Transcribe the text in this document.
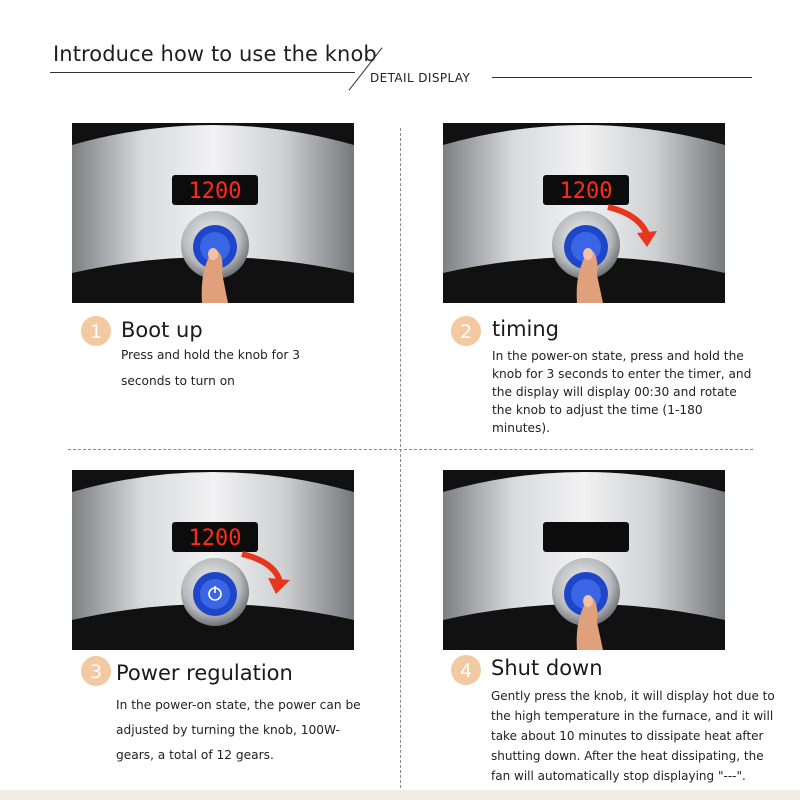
Introduce how to use the knob
DETAIL DISPLAY
1200	1200
1200
1 Boot up
Press and hold the knob for 3
seconds to turn on
2 timing
In the power-on state, press and hold the
knob for 3 seconds to enter the timer, and
the display will display 00:30 and rotate
the knob to adjust the time (1-180
minutes).
3 Power regulation
In the power-on state, the power can be
adjusted by turning the knob, 100W-
gears, a total of 12 gears.
4 Shut down
Gently press the knob, it will display hot due to
the high temperature in the furnace, and it will
take about 10 minutes to dissipate heat after
shutting down. After the heat dissipating, the
fan will automatically stop displaying "---".
